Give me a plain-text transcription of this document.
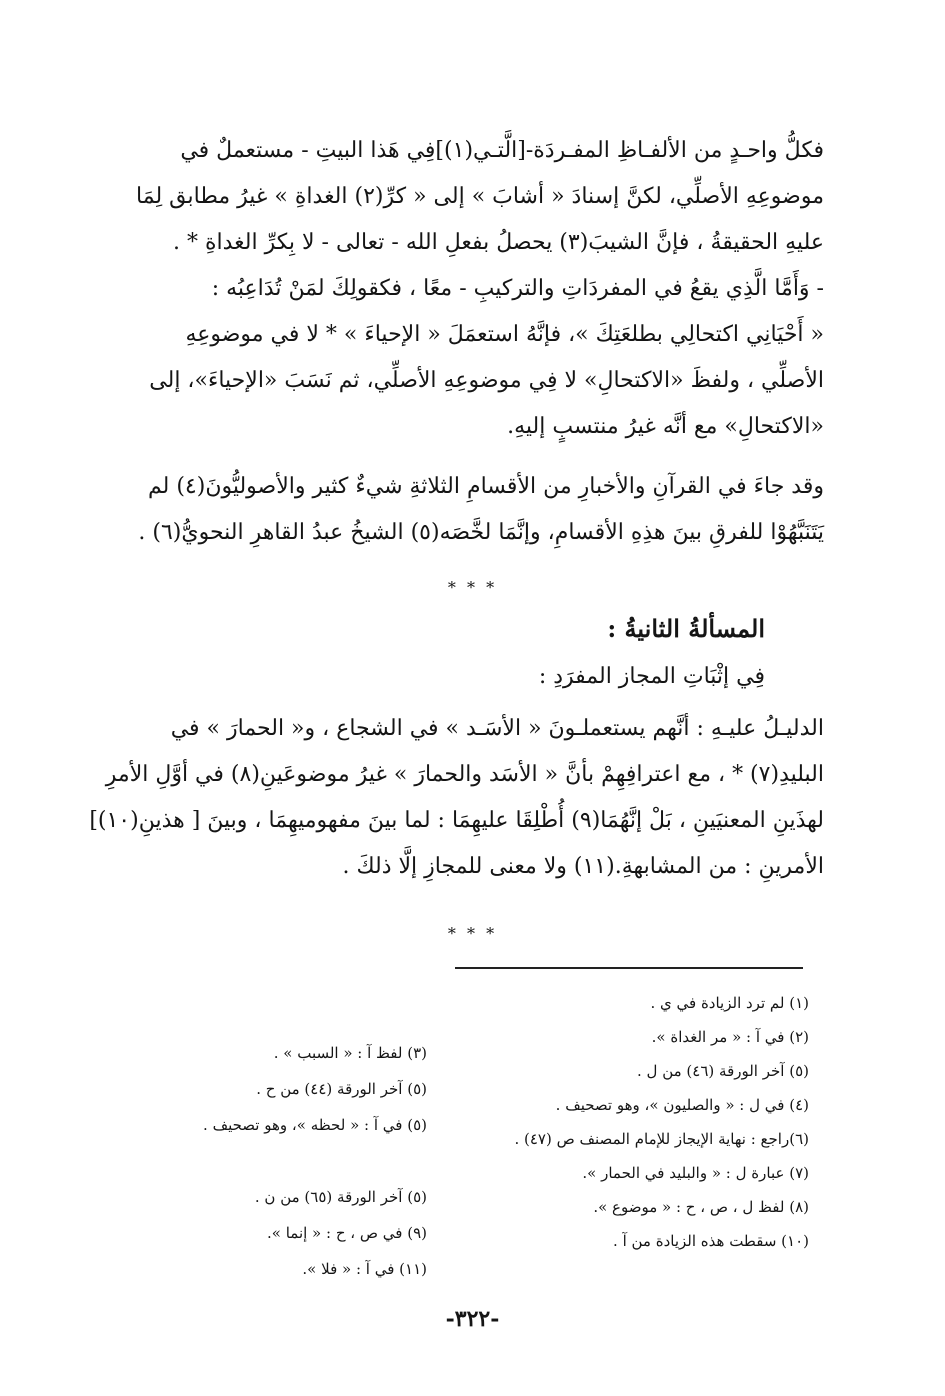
فكلُّ واحـدٍ من الألفـاظِ المفـردَة-[الَّتـي(١)]فِي هَذا البيتِ - مستعملٌ في
موضوعِهِ الأصلِّي، لكنَّ إسنادَ « أشابَ » إلى « كرِّ(٢) الغداةِ » غيرُ مطابق لِمَا
عليهِ الحقيقةُ ، فإنَّ الشيبَ(٣) يحصلُ بفعلِ الله - تعالى - لا بِكرِّ الغداةِ * .
- وَأَمَّا الَّذِي يقعُ في المفردَاتِ والتركيبِ - معًا ، فكقولِكَ لمَنْ تُدَاعِبُه :
« أَحْيَانِي اكتحالِي بطلعَتِكَ »، فإنَّهُ استعمَلَ « الإحياءَ » * لا في موضوعِهِ
الأصلِّي ، ولفظَ «الاكتحالِ» لا فِي موضوعِهِ الأصلِّي، ثم نَسَبَ «الإحياءَ»، إلى
«الاكتحالِ» مع أنَّه غيرُ منتسبٍ إليهِ.
وقد جاءَ في القرآنِ والأخبارِ من الأقسامِ الثلاثةِ شيءٌ كثير والأصوليُّونَ(٤) لم
يَتَنَبَّهُوْا للفرقِ بينَ هذِهِ الأقسامِ، وإنَّمَا لخَّصَه(٥) الشيخُ عبدُ القاهرِ النحويُّ(٦) .
* * *
المسألةُ الثانيةُ :
فِي إثْبَاتِ المجاز المفرَدِ :
الدليـلُ عليـهِ : أنَّهم يستعملـونَ « الأسَـد » في الشجاع ، و« الحمارَ » في
البليدِ(٧) * ، مع اعترافِهِمْ بأنَّ « الأسَد والحمارَ » غيرُ موضوعَينِ(٨) في أوَّلِ الأمرِ
لهذَينِ المعنيَينِ ، بَلْ إنَّهُمَا(٩) أُطْلِقَا عليهِمَا : لما بينَ مفهوميهِمَا ، وبينَ [ هذينِ(١٠)]
الأمرينِ : من المشابهةِ.(١١) ولا معنى للمجازِ إلَّا ذلكَ .
* * *
(١) لم ترد الزيادة في ي .
(٢) في آ : « مر الغداة ».
(٥) آخر الورقة (٤٦) من ل .
(٤) في ل : « والصليون »، وهو تصحيف .
(٦)راجع : نهاية الإيجاز للإمام المصنف ص (٤٧) .
(٧) عبارة ل : « والبليد في الحمار ».
(٨) لفظ ل ، ص ، ح : « موضوع ».
(١٠) سقطت هذه الزيادة من آ .
(٣) لفظ آ : « السبب » .
(٥) آخر الورقة (٤٤) من ح .
(٥) في آ : « لحظه »، وهو تصحيف .
(٥) آخر الورقة (٦٥) من ن .
(٩) في ص ، ح : « إنما ».
(١١) في آ : « فلا ».
-٣٢٢-
